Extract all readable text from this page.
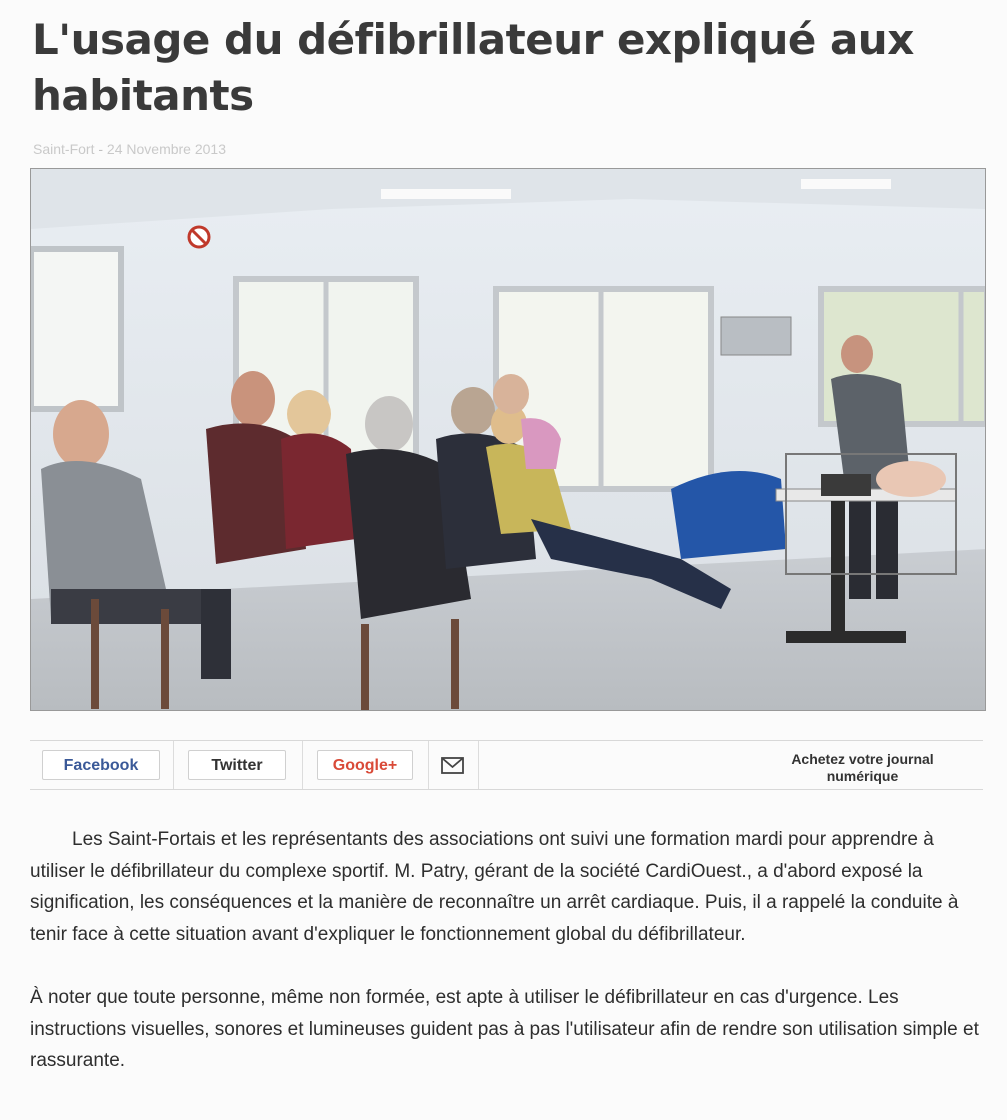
L'usage du défibrillateur expliqué aux habitants
Saint-Fort - 24 Novembre 2013
Facebook	Twitter	Google+	Achetez votre journal
numérique

Les Saint-Fortais et les représentants des associations ont suivi une formation mardi pour apprendre à utiliser le défibrillateur du complexe sportif. M. Patry, gérant de la société CardiOuest., a d'abord exposé la signification, les conséquences et la manière de reconnaître un arrêt cardiaque. Puis, il a rappelé la conduite à tenir face à cette situation avant d'expliquer le fonctionnement global du défibrillateur.

À noter que toute personne, même non formée, est apte à utiliser le défibrillateur en cas d'urgence. Les instructions visuelles, sonores et lumineuses guident pas à pas l'utilisateur afin de rendre son utilisation simple et rassurante.
